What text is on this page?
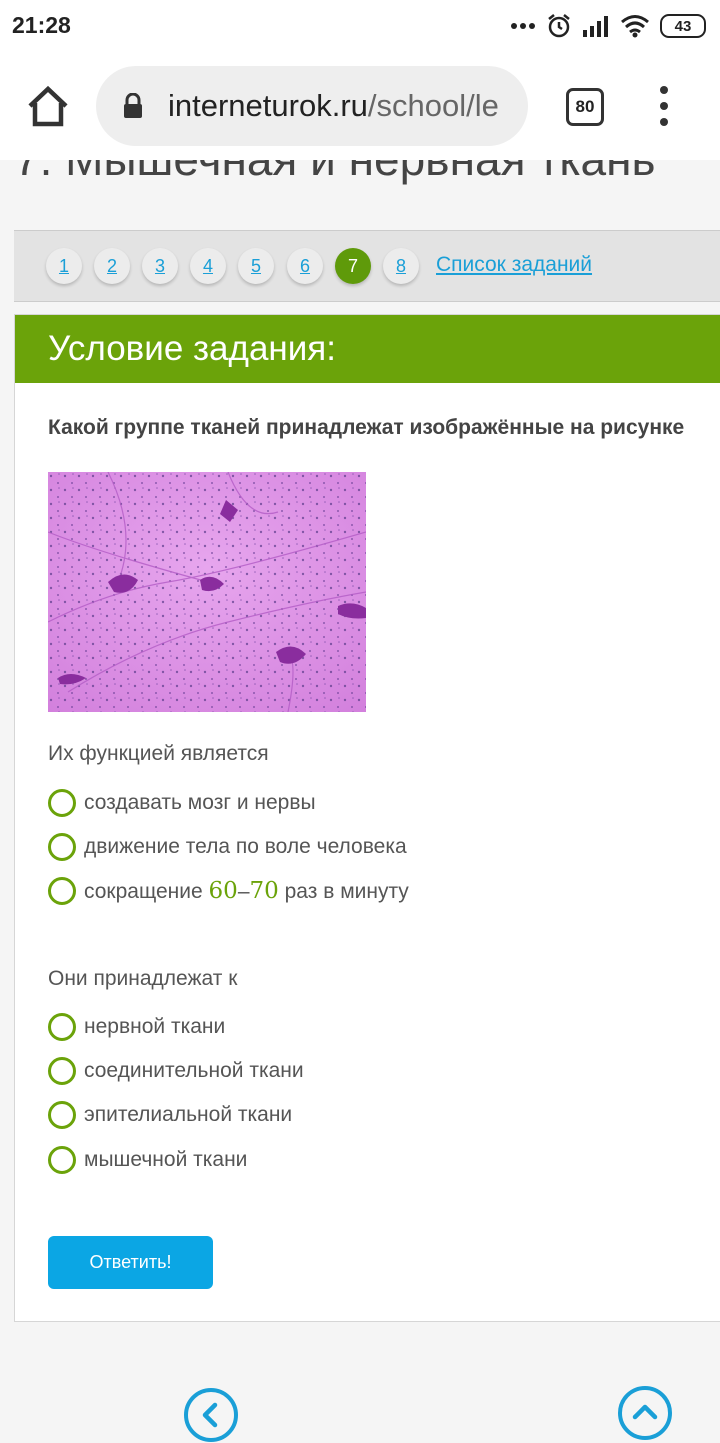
21:28	43
interneturok.ru/school/le	80
1	2	3	4	5	6	7	8	Список заданий
Условие задания:
Какой группе тканей принадлежат изображённые на рисунке
Их функцией является
создавать мозг и нервы
движение тела по воле человека
сокращение 60–70 раз в минуту
Они принадлежат к
нервной ткани
соединительной ткани
эпителиальной ткани
мышечной ткани
Ответить!
